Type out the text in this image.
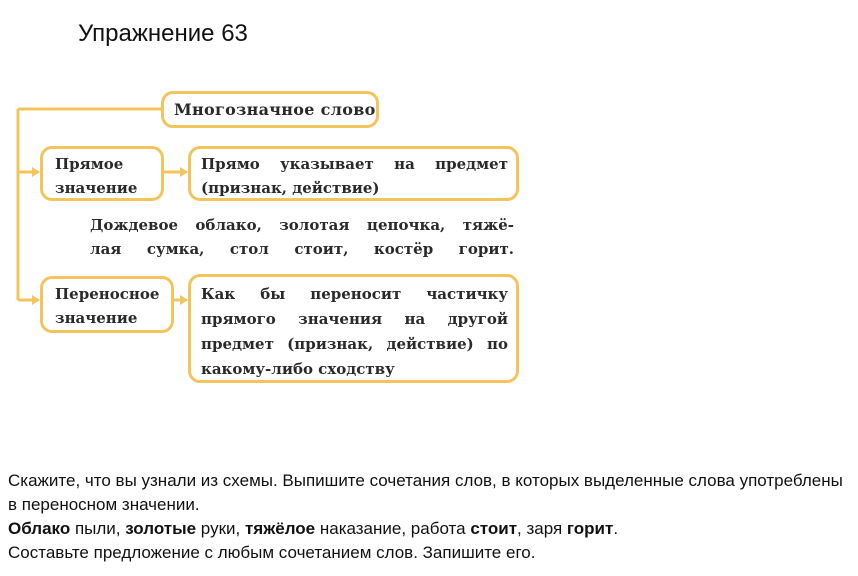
Упражнение 63
Многозначное слово
Прямое
значение
Прямо указывает на предмет (признак, действие)
Дождевое облако, золотая цепочка, тяжё-
лая сумка, стол стоит, костёр горит.
Переносное
значение
Как бы переносит частичку прямого значения на другой предмет (признак, действие) по какому-либо сходству

Скажите, что вы узнали из схемы. Выпишите сочетания слов, в которых выделенные слова употреблены в переносном значении.

Облако пыли, золотые руки, тяжёлое наказание, работа стоит, заря горит.

Составьте предложение с любым сочетанием слов. Запишите его.
